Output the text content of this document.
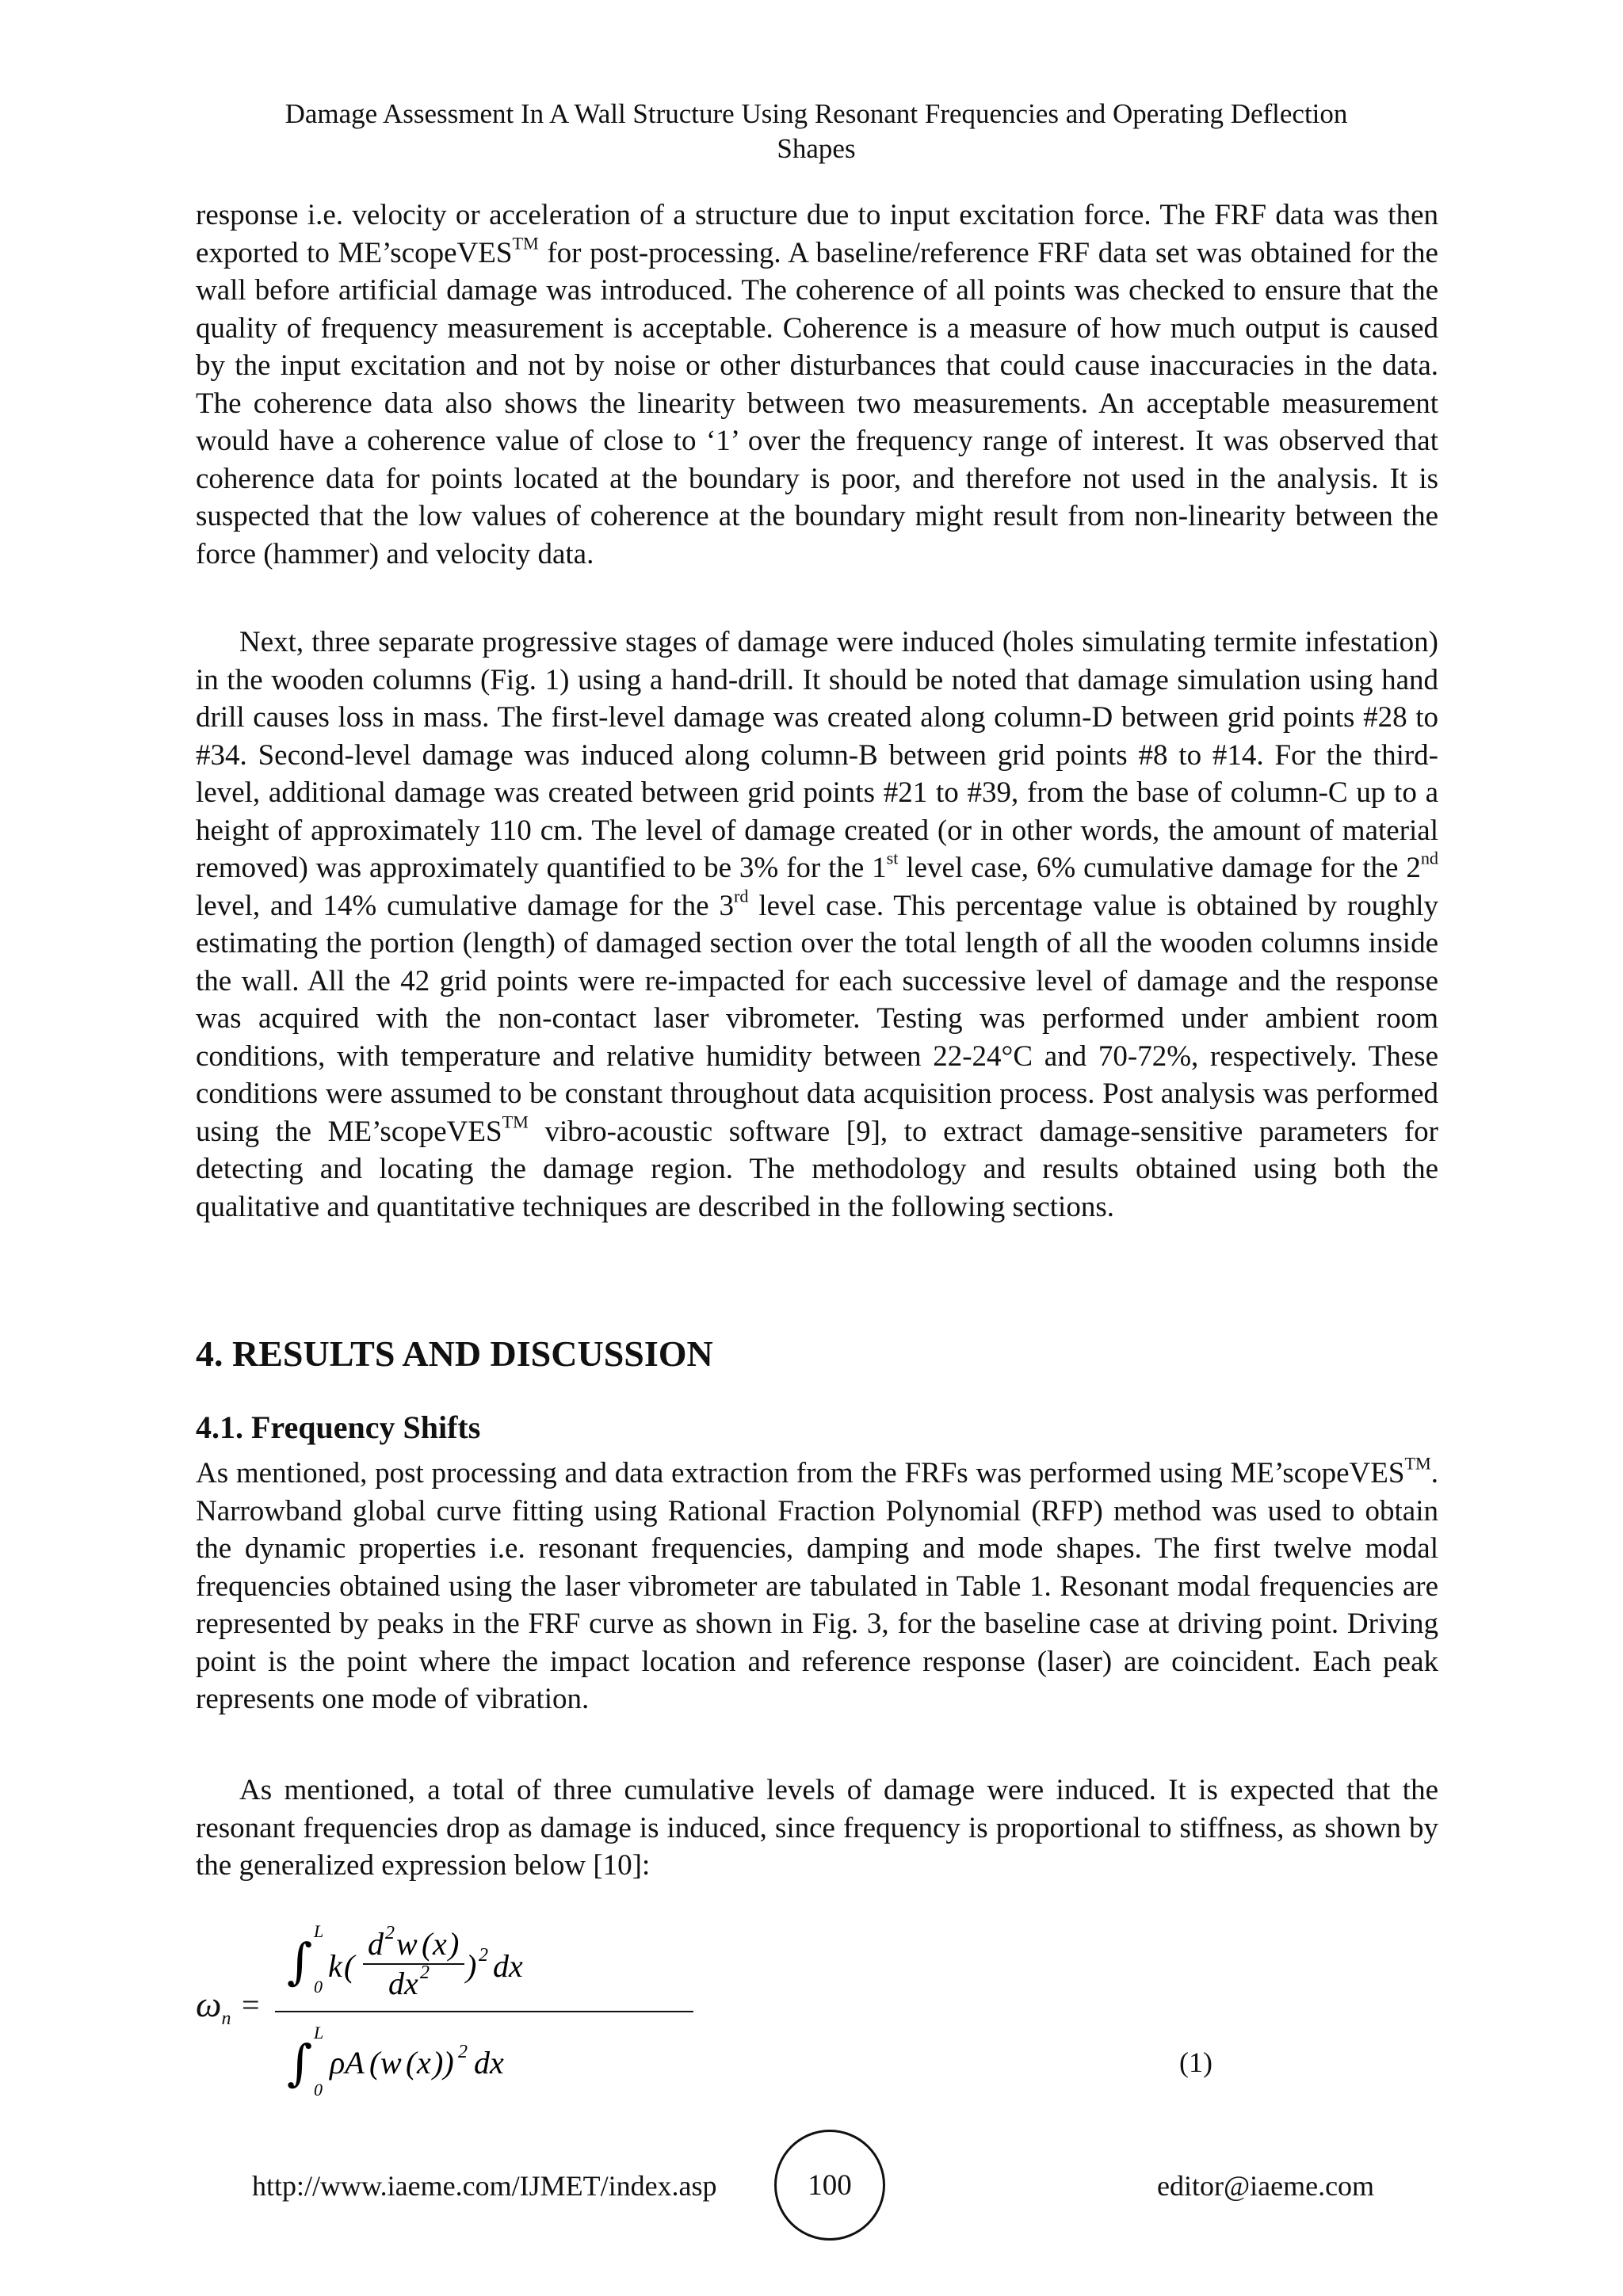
Damage Assessment In A Wall Structure Using Resonant Frequencies and Operating Deflection
Shapes

response i.e. velocity or acceleration of a structure due to input excitation force. The FRF data was then exported to ME’scopeVES™ for post-processing. A baseline/reference FRF data set was obtained for the wall before artificial damage was introduced. The coherence of all points was checked to ensure that the quality of frequency measurement is acceptable. Coherence is a measure of how much output is caused by the input excitation and not by noise or other disturbances that could cause inaccuracies in the data. The coherence data also shows the linearity between two measurements. An acceptable measurement would have a coherence value of close to ‘1’ over the frequency range of interest. It was observed that coherence data for points located at the boundary is poor, and therefore not used in the analysis. It is suspected that the low values of coherence at the boundary might result from non-linearity between the force (hammer) and velocity data.

Next, three separate progressive stages of damage were induced (holes simulating termite infestation) in the wooden columns (Fig. 1) using a hand-drill. It should be noted that damage simulation using hand drill causes loss in mass. The first-level damage was created along column-D between grid points #28 to #34. Second-level damage was induced along column-B between grid points #8 to #14. For the third-level, additional damage was created between grid points #21 to #39, from the base of column-C up to a height of approximately 110 cm. The level of damage created (or in other words, the amount of material removed) was approximately quantified to be 3% for the 1st level case, 6% cumulative damage for the 2nd level, and 14% cumulative damage for the 3rd level case. This percentage value is obtained by roughly estimating the portion (length) of damaged section over the total length of all the wooden columns inside the wall. All the 42 grid points were re-impacted for each successive level of damage and the response was acquired with the non-contact laser vibrometer. Testing was performed under ambient room conditions, with temperature and relative humidity between 22-24°C and 70-72%, respectively. These conditions were assumed to be constant throughout data acquisition process. Post analysis was performed using the ME’scopeVES™ vibro-acoustic software [9], to extract damage-sensitive parameters for detecting and locating the damage region. The methodology and results obtained using both the qualitative and quantitative techniques are described in the following sections.

4. RESULTS AND DISCUSSION
4.1. Frequency Shifts

As mentioned, post processing and data extraction from the FRFs was performed using ME’scopeVES™. Narrowband global curve fitting using Rational Fraction Polynomial (RFP) method was used to obtain the dynamic properties i.e. resonant frequencies, damping and mode shapes. The first twelve modal frequencies obtained using the laser vibrometer are tabulated in Table 1. Resonant modal frequencies are represented by peaks in the FRF curve as shown in Fig. 3, for the baseline case at driving point. Driving point is the point where the impact location and reference response (laser) are coincident. Each peak represents one mode of vibration.

As mentioned, a total of three cumulative levels of damage were induced. It is expected that the resonant frequencies drop as damage is induced, since frequency is proportional to stiffness, as shown by the generalized expression below [10]:

$\omega_n$ =
∫
L
0
k (
d 2 w ( x )
dx 2 ) 2 dx
∫
L
0
ρA ( w ( x )) 2 dx	(1)
http://www.iaeme.com/IJMET/index.asp	100	editor@iaeme.com
